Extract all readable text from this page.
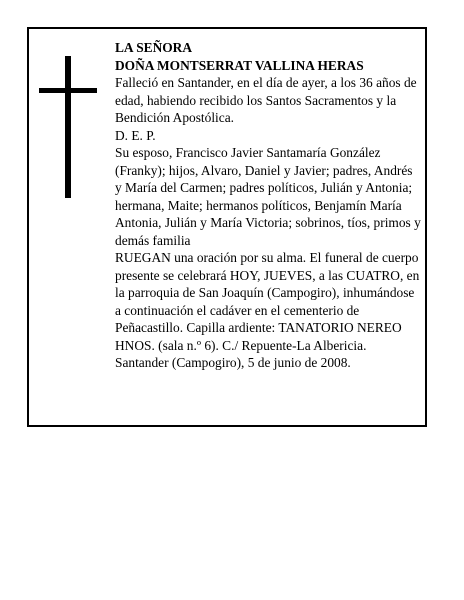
LA SEÑORA

DOÑA MONTSERRAT VALLINA HERAS

Falleció en Santander, en el día de ayer, a los 36 años de edad, habiendo recibido los Santos Sacramentos y la Bendición Apostólica.

D. E. P.

Su esposo, Francisco Javier Santamaría González (Franky); hijos, Alvaro, Daniel y Javier; padres, Andrés y María del Carmen; padres políticos, Julián y Antonia; hermana, Maite; hermanos políticos, Benjamín María Antonia, Julián y María Victoria; sobrinos, tíos, primos y demás familia

RUEGAN una oración por su alma. El funeral de cuerpo presente se celebrará HOY, JUEVES, a las CUATRO, en la parroquia de San Joaquín (Campogiro), inhumándose a continuación el cadáver en el cementerio de Peñacastillo. Capilla ardiente: TANATORIO NEREO HNOS. (sala n.º 6). C./ Repuente-La Albericia.

Santander (Campogiro), 5 de junio de 2008.
